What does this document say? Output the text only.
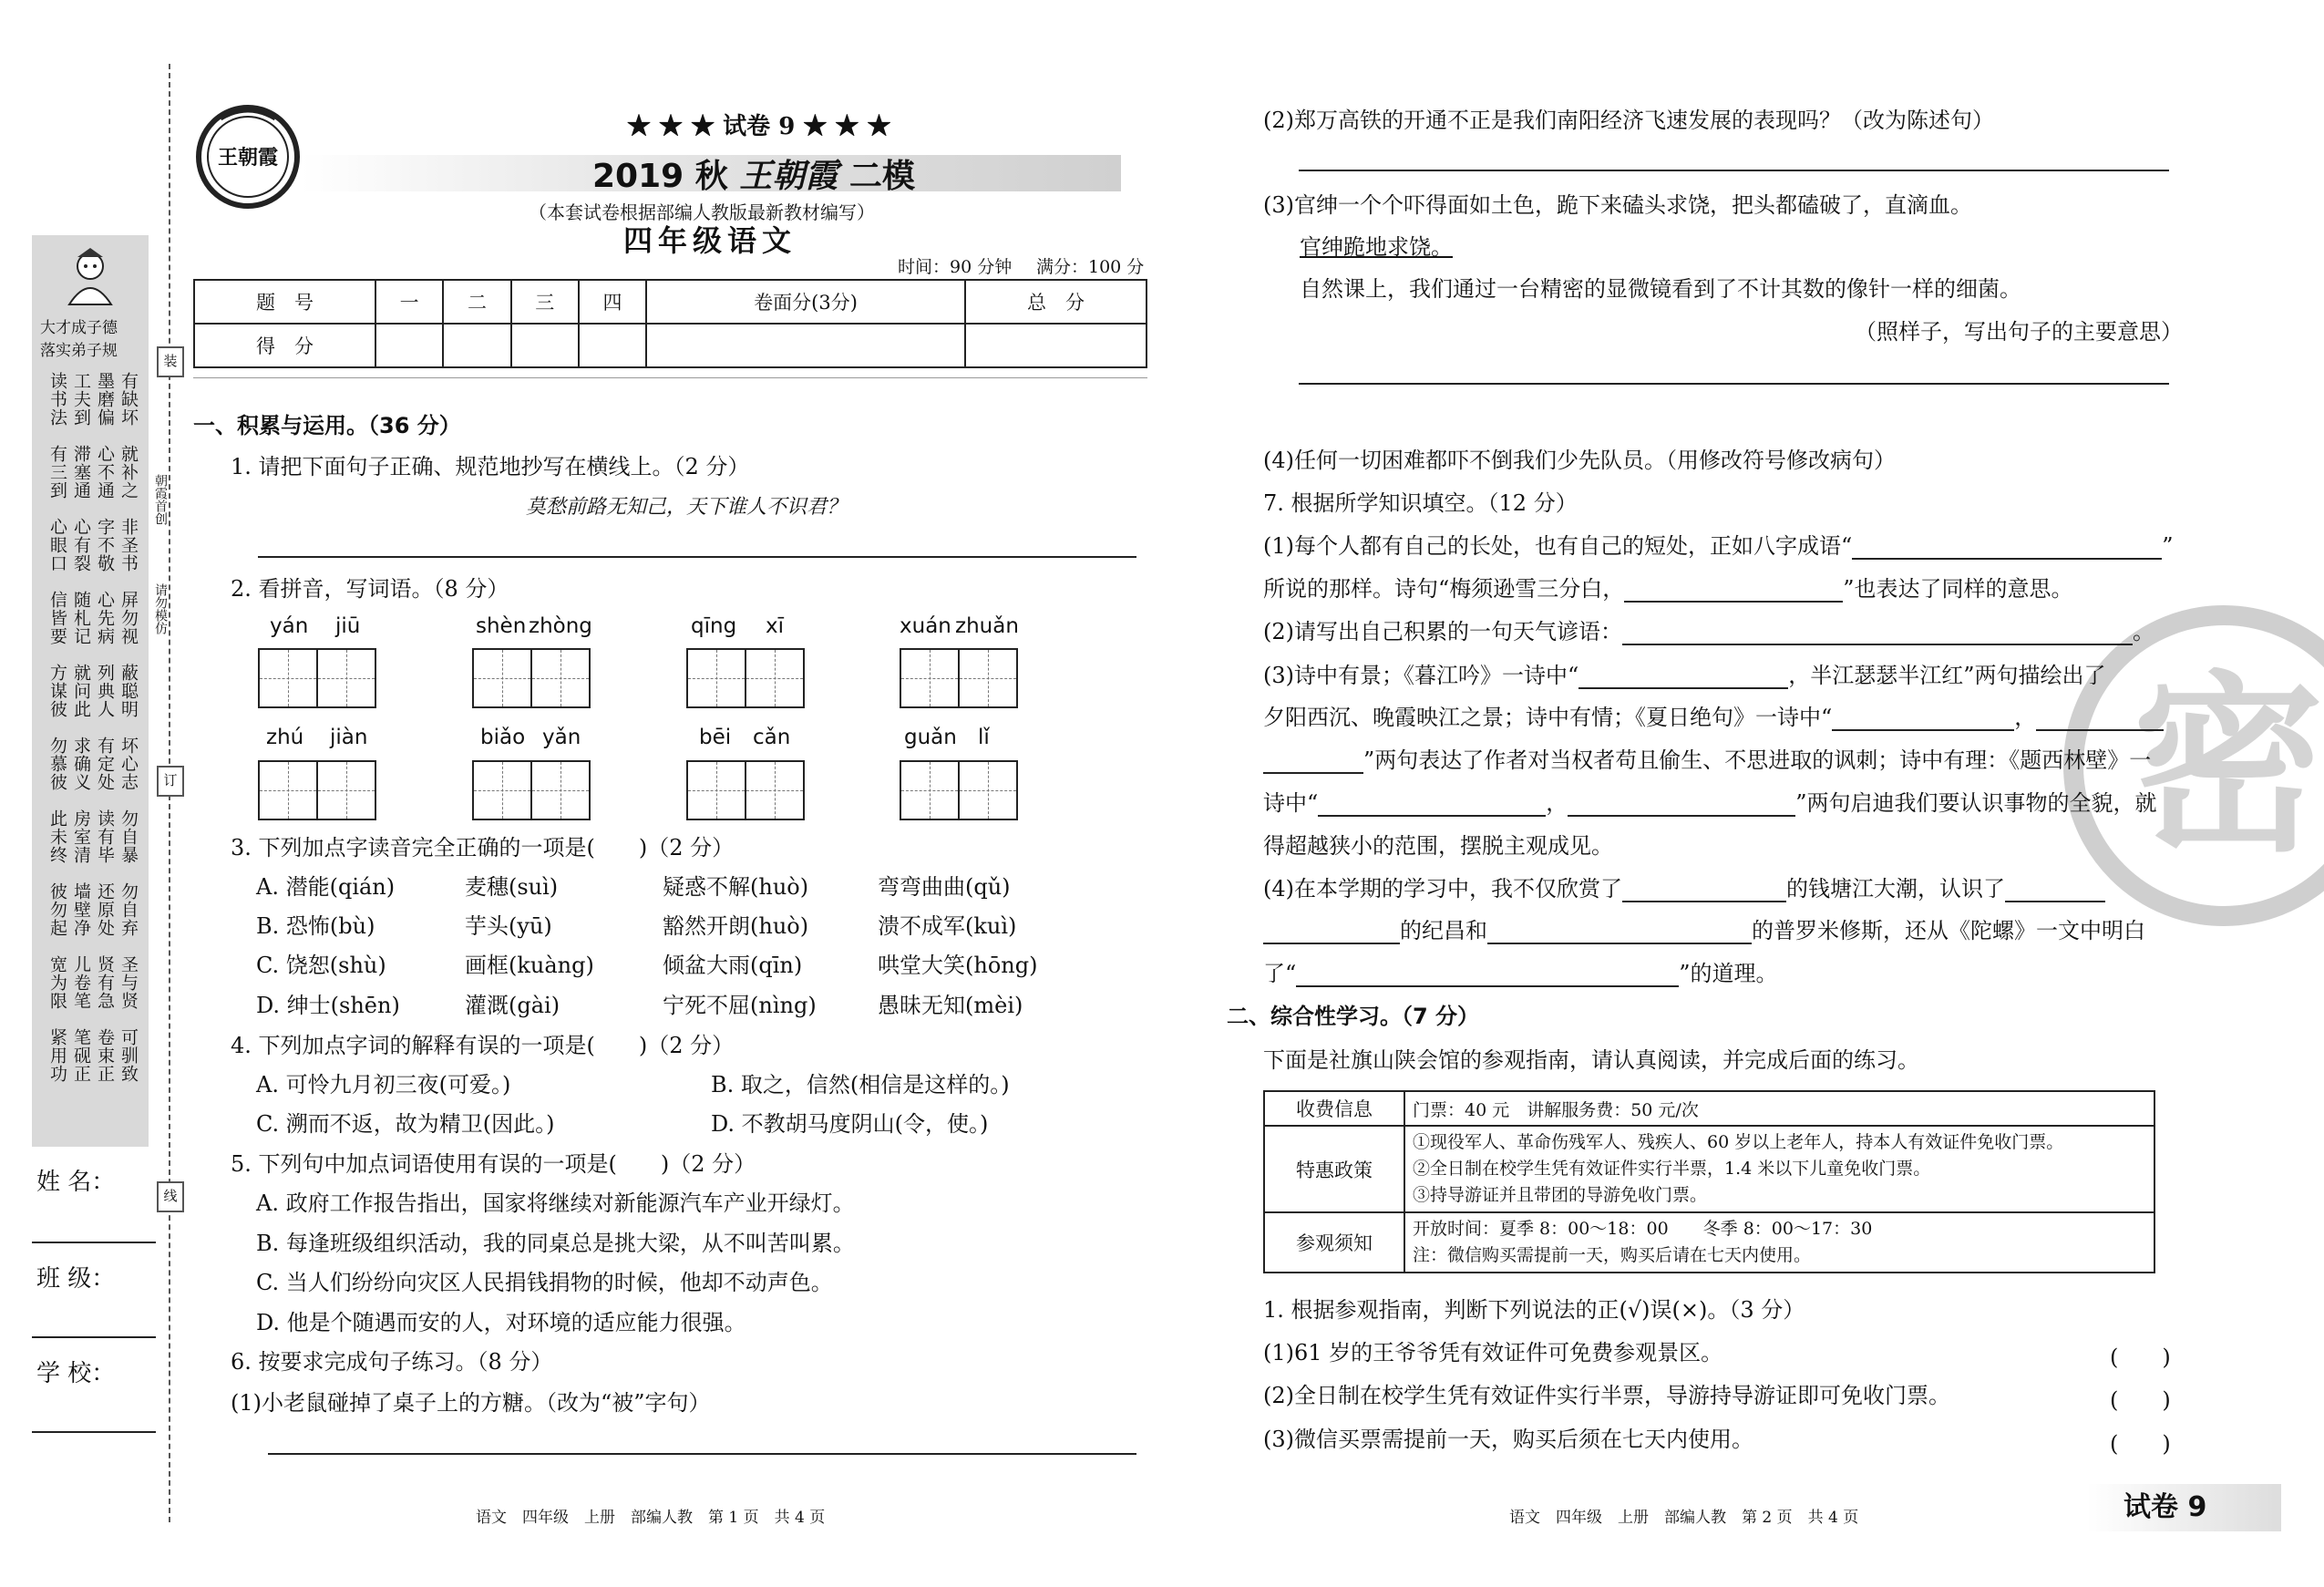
大才成子德
落实弟子规
有缺坏
墨磨偏
工夫到
读书法
就补之
心不通
滞塞通
有三到
非圣书
字不敬
心有裂
心眼口
屏勿视
心先病
随札记
信皆要
蔽聪明
列典人
就问此
方谋彼
坏心志
有定处
求确义
勿慕彼
勿自暴
读有毕
房室清
此未终
勿自弃
还原处
墙壁净
彼勿起
圣与贤
贤有急
儿卷笔
宽为限
可驯致
卷束正
笔砚正
紧用功
装
订
线
朝霞首创
请勿模仿
姓 名：
班 级：
学 校：
王朝霞
★ ★ ★ 试卷 9 ★ ★ ★
2019 秋 王朝霞 二模
（本套试卷根据部编人教版最新教材编写）
四年级语文
时间：90 分钟 满分：100 分
题　号	一	二	三	四	卷面分(3分)	总　分
得　分						
一、积累与运用。（36 分）
1. 请把下面句子正确、规范地抄写在横线上。（2 分）
莫愁前路无知己，天下谁人不识君？
2. 看拼音，写词语。（8 分）
yán jiū	shèn zhòng	qīng xī	xuán zhuǎn
zhú jiàn	biǎo yǎn	bēi cǎn	guǎn lǐ
3. 下列加点字读音完全正确的一项是(　　)（2 分）
A. 潜能(qián)	麦穗(suì)	疑惑不解(huò)	弯弯曲曲(qǔ)
B. 恐怖(bù)	芋头(yū)	豁然开朗(huò)	溃不成军(kuì)
C. 饶恕(shù)	画框(kuàng)	倾盆大雨(qīn)	哄堂大笑(hōng)
D. 绅士(shēn)	灌溉(gài)	宁死不屈(nìng)	愚昧无知(mèi)
4. 下列加点字词的解释有误的一项是(　　)（2 分）
A. 可怜九月初三夜(可爱。)	B. 取之，信然(相信是这样的。)
C. 溯而不返，故为精卫(因此。)	D. 不教胡马度阴山(令，使。)
5. 下列句中加点词语使用有误的一项是(　　)（2 分）
A. 政府工作报告指出，国家将继续对新能源汽车产业开绿灯。
B. 每逢班级组织活动，我的同桌总是挑大梁，从不叫苦叫累。
C. 当人们纷纷向灾区人民捐钱捐物的时候，他却不动声色。
D. 他是个随遇而安的人，对环境的适应能力很强。
6. 按要求完成句子练习。（8 分）
(1)小老鼠碰掉了桌子上的方糖。（改为“被”字句）
语文　四年级　上册　部编人教　第 1 页　共 4 页
密
(2)郑万高铁的开通不正是我们南阳经济飞速发展的表现吗？（改为陈述句）
(3)官绅一个个吓得面如土色，跪下来磕头求饶，把头都磕破了，直滴血。
官绅跪地求饶。
自然课上，我们通过一台精密的显微镜看到了不计其数的像针一样的细菌。
（照样子，写出句子的主要意思）
(4)任何一切困难都吓不倒我们少先队员。（用修改符号修改病句）
7. 根据所学知识填空。（12 分）
(1)每个人都有自己的长处，也有自己的短处，正如八字成语“	”
所说的那样。诗句“梅须逊雪三分白，	”也表达了同样的意思。
(2)请写出自己积累的一句天气谚语：	。
(3)诗中有景；《暮江吟》一诗中“	，半江瑟瑟半江红”两句描绘出了
夕阳西沉、晚霞映江之景；诗中有情；《夏日绝句》一诗中“	，
”两句表达了作者对当权者苟且偷生、不思进取的讽刺；诗中有理：《题西林壁》一
诗中“	，	”两句启迪我们要认识事物的全貌，就
得超越狭小的范围，摆脱主观成见。
(4)在本学期的学习中，我不仅欣赏了	的钱塘江大潮，认识了
的纪昌和	的普罗米修斯，还从《陀螺》一文中明白
了“	”的道理。
二、综合性学习。（7 分）
下面是社旗山陕会馆的参观指南，请认真阅读，并完成后面的练习。
收费信息	门票：40 元　讲解服务费：50 元/次
特惠政策	①现役军人、革命伤残军人、残疾人、60 岁以上老年人，持本人有效证件免收门票。
②全日制在校学生凭有效证件实行半票，1.4 米以下儿童免收门票。
③持导游证并且带团的导游免收门票。

参观须知	开放时间：夏季 8：00～18：00　　冬季 8：00～17：30
注：微信购买需提前一天，购买后请在七天内使用。
1. 根据参观指南，判断下列说法的正(√)误(×)。（3 分）
(1)61 岁的王爷爷凭有效证件可免费参观景区。	(　　)
(2)全日制在校学生凭有效证件实行半票，导游持导游证即可免收门票。	(　　)
(3)微信买票需提前一天，购买后须在七天内使用。	(　　)
语文　四年级　上册　部编人教　第 2 页　共 4 页	试卷 9
